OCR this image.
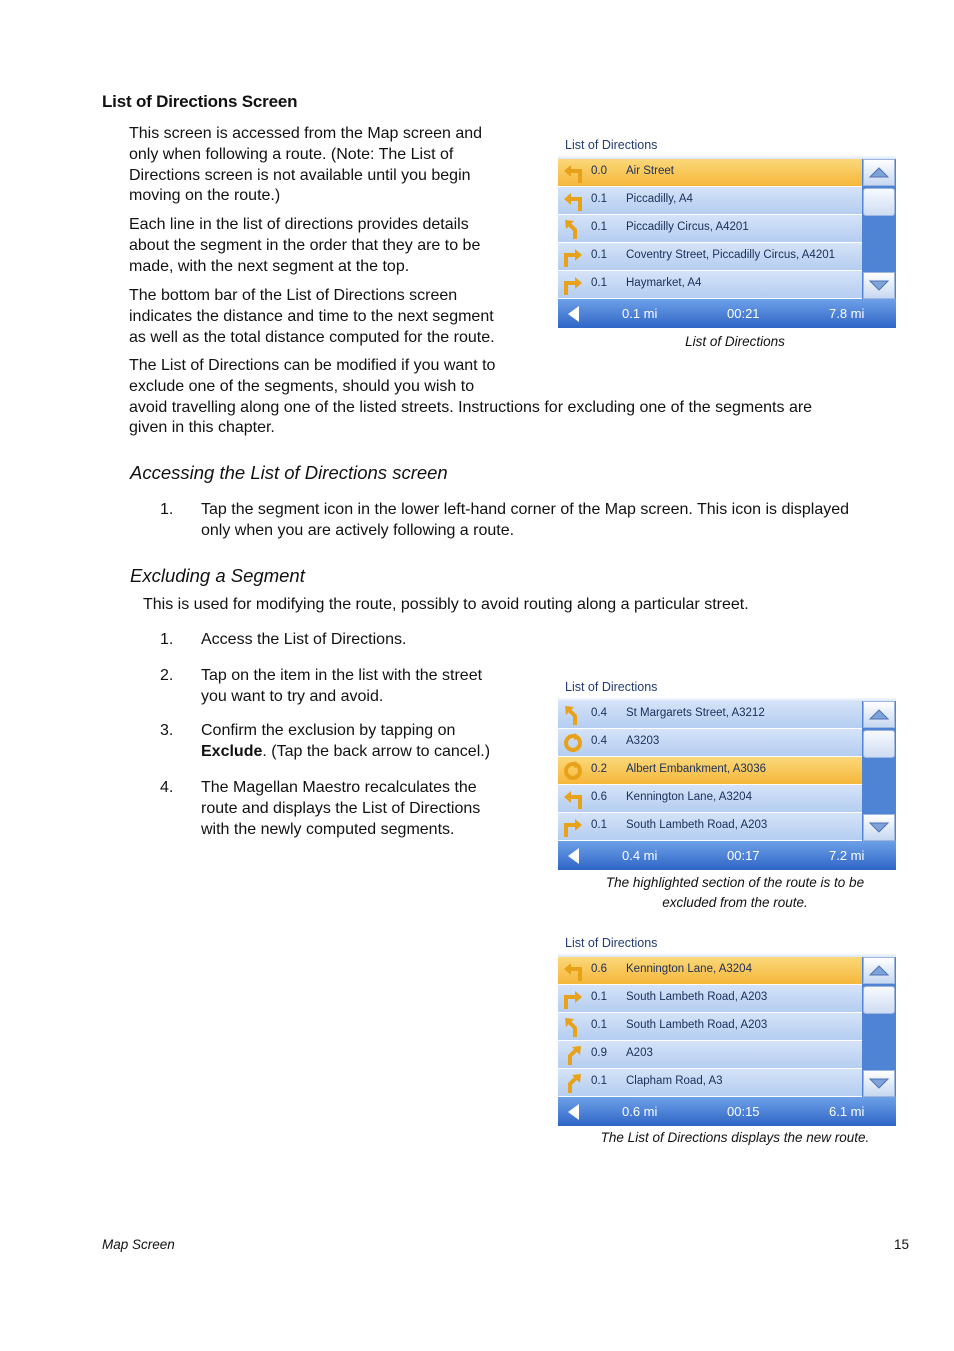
List of Directions Screen
This screen is accessed from the Map screen and
only when following a route. (Note: The List of
Directions screen is not available until you begin
moving on the route.)
Each line in the list of directions provides details
about the segment in the order that they are to be
made, with the next segment at the top.
The bottom bar of the List of Directions screen
indicates the distance and time to the next segment
as well as the total distance computed for the route.
The List of Directions can be modified if you want to
exclude one of the segments, should you wish to
avoid travelling along one of the listed streets. Instructions for excluding one of the segments are
given in this chapter.
Accessing the List of Directions screen
1. Tap the segment icon in the lower left-hand corner of the Map screen. This icon is displayed
only when you are actively following a route.
Excluding a Segment
This is used for modifying the route, possibly to avoid routing along a particular street.
1. Access the List of Directions.
2. Tap on the item in the list with the street
you want to try and avoid.
3. Confirm the exclusion by tapping on
Exclude. (Tap the back arrow to cancel.)
4. The Magellan Maestro recalculates the
route and displays the List of Directions
with the newly computed segments.
List of Directions
0.0 Air Street
0.1 Piccadilly, A4
0.1 Piccadilly Circus, A4201
0.1 Coventry Street, Piccadilly Circus, A4201
0.1 Haymarket, A4
0.1 mi	00:21	7.8 mi
List of Directions
List of Directions
0.4 St Margarets Street, A3212
0.4 A3203
0.2 Albert Embankment, A3036
0.6 Kennington Lane, A3204
0.1 South Lambeth Road, A203
0.4 mi	00:17	7.2 mi
The highlighted section of the route is to be
excluded from the route.
List of Directions
0.6 Kennington Lane, A3204
0.1 South Lambeth Road, A203
0.1 South Lambeth Road, A203
0.9 A203
0.1 Clapham Road, A3
0.6 mi	00:15	6.1 mi
The List of Directions displays the new route.
Map Screen	15
